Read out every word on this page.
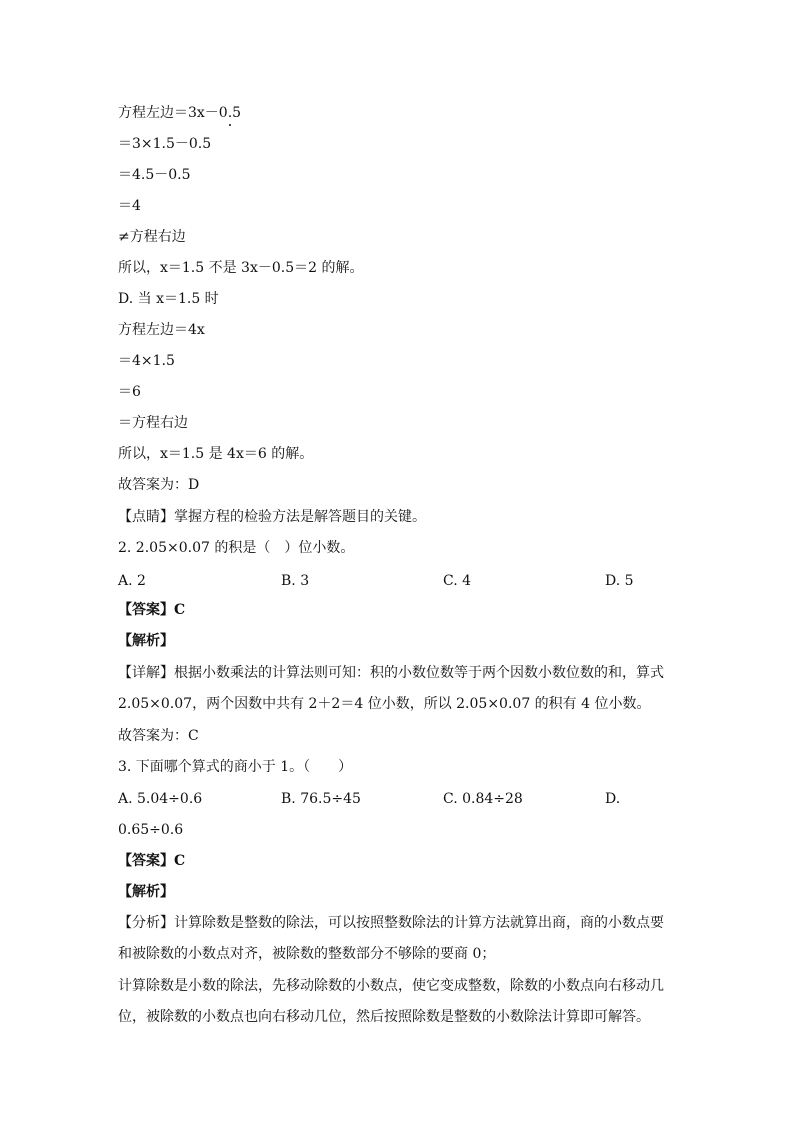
方程左边＝3x－0.5
＝3×1.5－0.5
＝4.5－0.5
＝4
≠方程右边
所以，x＝1.5 不是 3x－0.5＝2 的解。
D. 当 x＝1.5 时
方程左边＝4x
＝4×1.5
＝6
＝方程右边
所以，x＝1.5 是 4x＝6 的解。
故答案为：D
【点睛】掌握方程的检验方法是解答题目的关键。
2. 2.05×0.07 的积是（　）位小数。
A. 2	B. 3	C. 4	D. 5
【答案】C
【解析】
【详解】根据小数乘法的计算法则可知：积的小数位数等于两个因数小数位数的和，算式
2.05×0.07，两个因数中共有 2＋2＝4 位小数，所以 2.05×0.07 的积有 4 位小数。
故答案为：C
3. 下面哪个算式的商小于 1。（　　）
A. 5.04÷0.6	B. 76.5÷45	C. 0.84÷28	D.
0.65÷0.6
【答案】C
【解析】
【分析】计算除数是整数的除法，可以按照整数除法的计算方法就算出商，商的小数点要
和被除数的小数点对齐，被除数的整数部分不够除的要商 0；
计算除数是小数的除法，先移动除数的小数点，使它变成整数，除数的小数点向右移动几
位，被除数的小数点也向右移动几位，然后按照除数是整数的小数除法计算即可解答。
